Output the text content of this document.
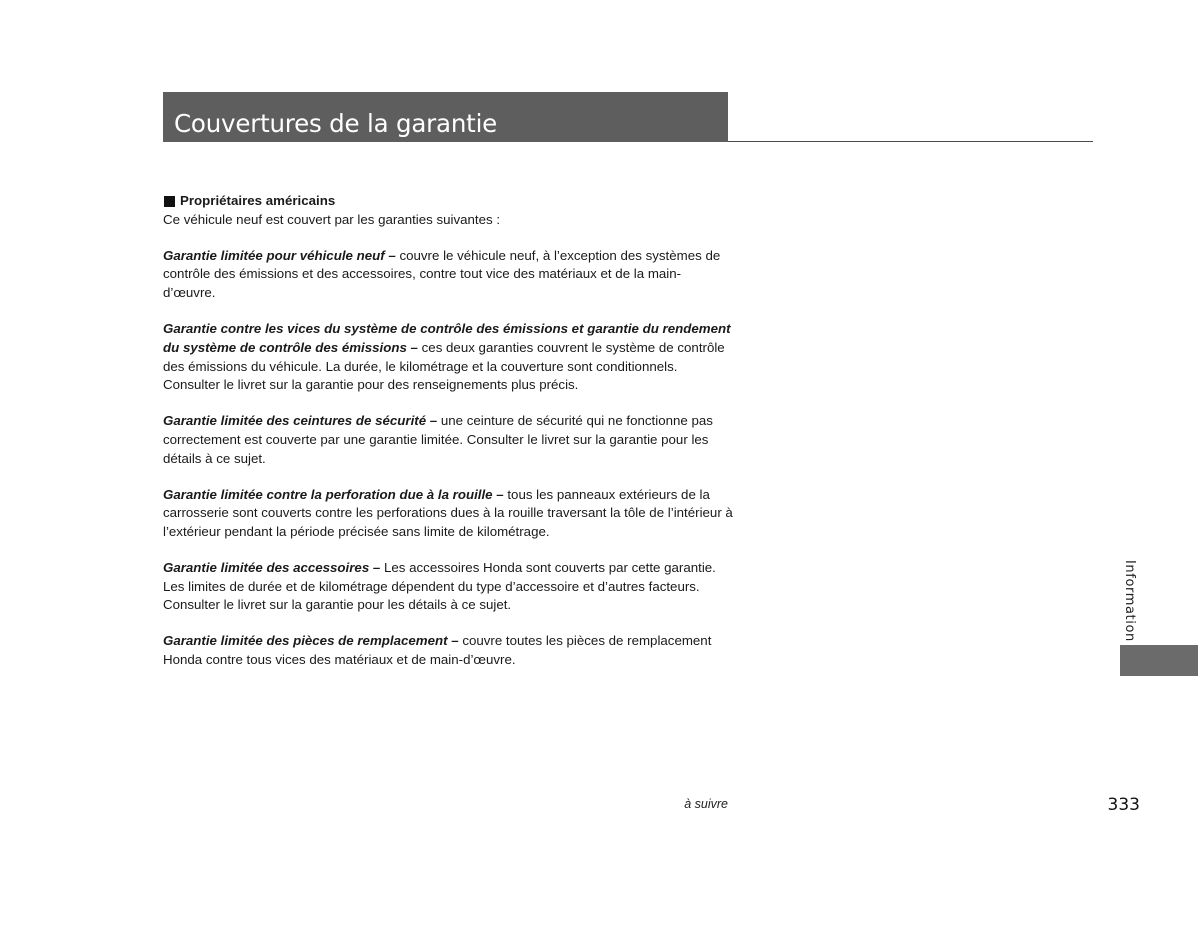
Couvertures de la garantie
Propriétaires américains

Ce véhicule neuf est couvert par les garanties suivantes :

Garantie limitée pour véhicule neuf – couvre le véhicule neuf, à l’exception des systèmes de contrôle des émissions et des accessoires, contre tout vice des matériaux et de la main-d’œuvre.

Garantie contre les vices du système de contrôle des émissions et garantie du rendement du système de contrôle des émissions – ces deux garanties couvrent le système de contrôle des émissions du véhicule. La durée, le kilométrage et la couverture sont conditionnels. Consulter le livret sur la garantie pour des renseignements plus précis.

Garantie limitée des ceintures de sécurité – une ceinture de sécurité qui ne fonctionne pas correctement est couverte par une garantie limitée. Consulter le livret sur la garantie pour les détails à ce sujet.

Garantie limitée contre la perforation due à la rouille – tous les panneaux extérieurs de la carrosserie sont couverts contre les perforations dues à la rouille traversant la tôle de l’intérieur à l’extérieur pendant la période précisée sans limite de kilométrage.

Garantie limitée des accessoires – Les accessoires Honda sont couverts par cette garantie. Les limites de durée et de kilométrage dépendent du type d’accessoire et d’autres facteurs. Consulter le livret sur la garantie pour les détails à ce sujet.

Garantie limitée des pièces de remplacement – couvre toutes les pièces de remplacement Honda contre tous vices des matériaux et de main-d’œuvre.

Information
à suivre	333
